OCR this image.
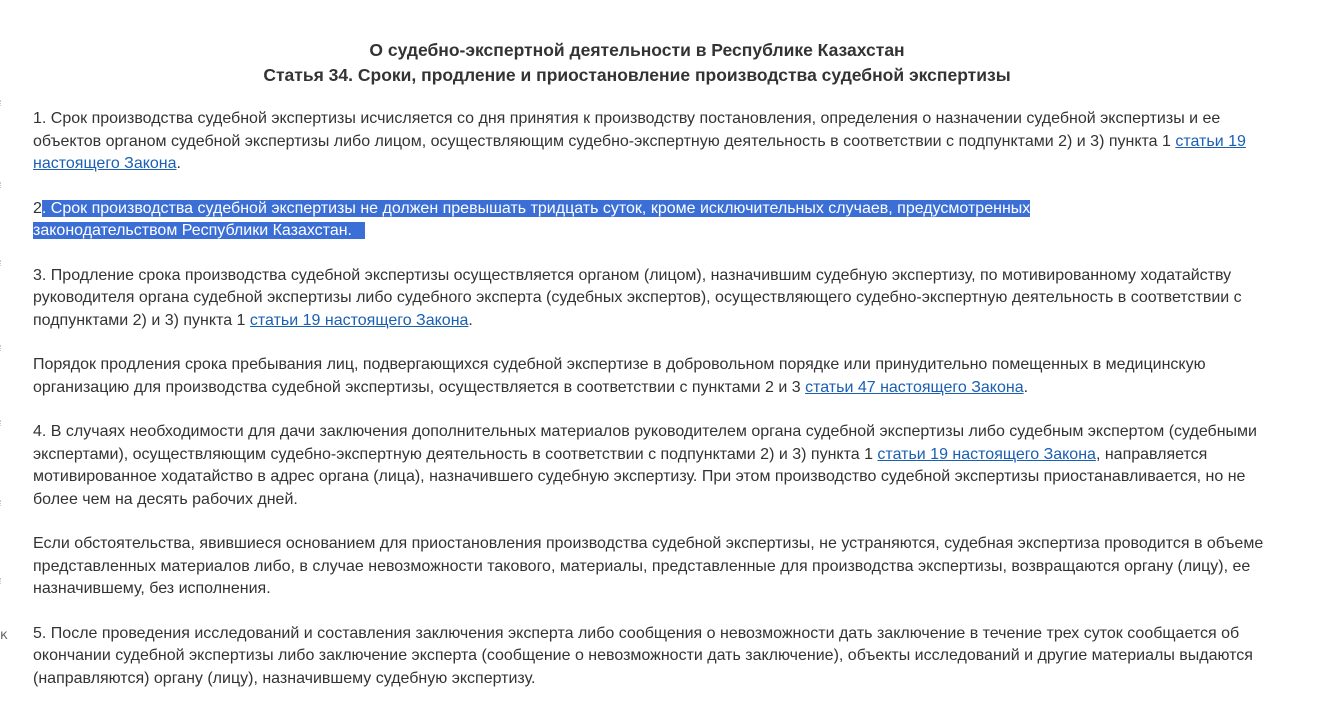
к
О судебно-экспертной деятельности в Республике Казахстан
Статья 34. Сроки, продление и приостановление производства судебной экспертизы

1. Срок производства судебной экспертизы исчисляется со дня принятия к производству постановления, определения о назначении судебной экспертизы и ее объектов органом судебной экспертизы либо лицом, осуществляющим судебно-экспертную деятельность в соответствии с подпунктами 2) и 3) пункта 1 статьи 19 настоящего Закона.

2. Срок производства судебной экспертизы не должен превышать тридцать суток, кроме исключительных случаев, предусмотренных законодательством Республики Казахстан.

3. Продление срока производства судебной экспертизы осуществляется органом (лицом), назначившим судебную экспертизу, по мотивированному ходатайству руководителя органа судебной экспертизы либо судебного эксперта (судебных экспертов), осуществляющего судебно-экспертную деятельность в соответствии с подпунктами 2) и 3) пункта 1 статьи 19 настоящего Закона.

Порядок продления срока пребывания лиц, подвергающихся судебной экспертизе в добровольном порядке или принудительно помещенных в медицинскую организацию для производства судебной экспертизы, осуществляется в соответствии с пунктами 2 и 3 статьи 47 настоящего Закона.

4. В случаях необходимости для дачи заключения дополнительных материалов руководителем органа судебной экспертизы либо судебным экспертом (судебными экспертами), осуществляющим судебно-экспертную деятельность в соответствии с подпунктами 2) и 3) пункта 1 статьи 19 настоящего Закона, направляется мотивированное ходатайство в адрес органа (лица), назначившего судебную экспертизу. При этом производство судебной экспертизы приостанавливается, но не более чем на десять рабочих дней.

Если обстоятельства, явившиеся основанием для приостановления производства судебной экспертизы, не устраняются, судебная экспертиза проводится в объеме представленных материалов либо, в случае невозможности такового, материалы, представленные для производства экспертизы, возвращаются органу (лицу), ее назначившему, без исполнения.

5. После проведения исследований и составления заключения эксперта либо сообщения о невозможности дать заключение в течение трех суток сообщается об окончании судебной экспертизы либо заключение эксперта (сообщение о невозможности дать заключение), объекты исследований и другие материалы выдаются (направляются) органу (лицу), назначившему судебную экспертизу.
